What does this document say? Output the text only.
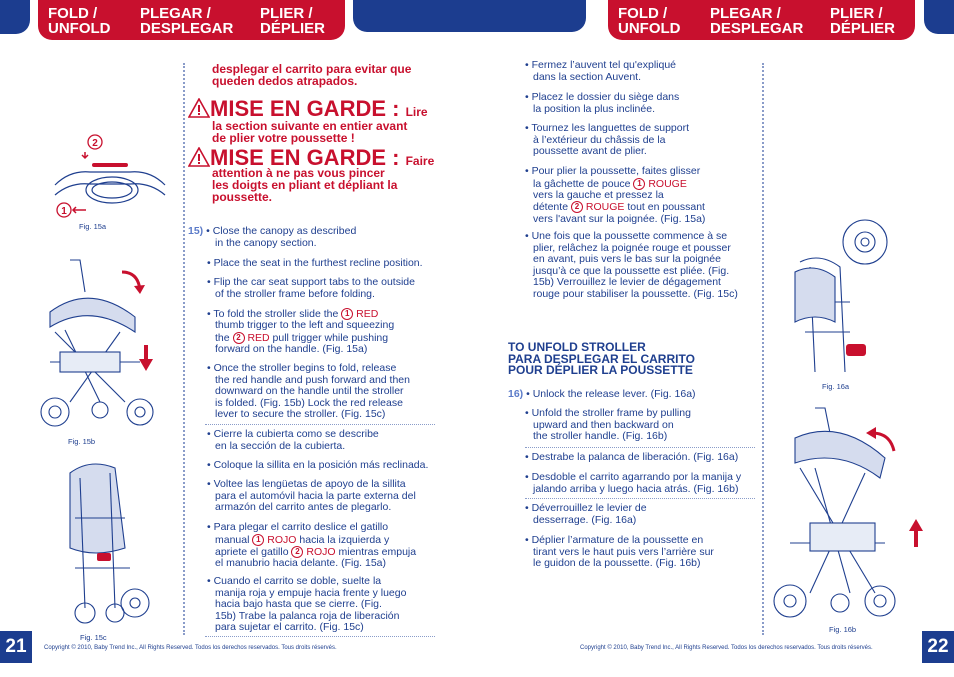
FOLD /
UNFOLD
PLEGAR /
DESPLEGAR
PLIER /
DÉPLIER
FOLD /
UNFOLD
PLEGAR /
DESPLEGAR
PLIER /
DÉPLIER
2
1
Fig. 15a
Fig. 15b
Fig. 15c
desplegar el carrito para evitar que
queden dedos atrapados.
MISE EN GARDE : Lire
la section suivante en entier avant
de plier votre poussette !
MISE EN GARDE : Faire
attention à ne pas vous pincer
les doigts en pliant et dépliant la
poussette.
15) • Close the canopy as described
in the canopy section.
• Place the seat in the furthest recline position.
• Flip the car seat support tabs to the outside
of the stroller frame before folding.
• To fold the stroller slide the 1 RED
thumb trigger to the left and squeezing
the 2 RED pull trigger while pushing
forward on the handle. (Fig. 15a)
• Once the stroller begins to fold, release
the red handle and push forward and then
downward on the handle until the stroller
is folded. (Fig. 15b) Lock the red release
lever to secure the stroller. (Fig. 15c)
• Cierre la cubierta como se describe
en la sección de la cubierta.
• Coloque la sillita en la posición más reclinada.
• Voltee las lengüetas de apoyo de la sillita
para el automóvil hacia la parte externa del
armazón del carrito antes de plegarlo.
• Para plegar el carrito deslice el gatillo
manual 1 ROJO hacia la izquierda y
apriete el gatillo 2 ROJO mientras empuja
el manubrio hacia delante. (Fig. 15a)
• Cuando el carrito se doble, suelte la
manija roja y empuje hacia frente y luego
hacia bajo hasta que se cierre. (Fig.
15b) Trabe la palanca roja de liberación
para sujetar el carrito. (Fig. 15c)
21	Copyright © 2010, Baby Trend Inc., All Rights Reserved. Todos los derechos reservados. Tous droits réservés.
• Fermez l’auvent tel qu'expliqué
dans la section Auvent.
• Placez le dossier du siège dans
la position la plus inclinée.
• Tournez les languettes de support
à l’extérieur du châssis de la
poussette avant de plier.
• Pour plier la poussette, faites glisser
la gâchette de pouce 1 ROUGE
vers la gauche et pressez la
détente 2 ROUGE tout en poussant
vers l'avant sur la poignée. (Fig. 15a)
• Une fois que la poussette commence à se
plier, relâchez la poignée rouge et pousser
en avant, puis vers le bas sur la poignée
jusqu’à ce que la poussette est pliée. (Fig.
15b) Verrouillez le levier de dégagement
rouge pour stabiliser la poussette. (Fig. 15c)
TO UNFOLD STROLLER
PARA DESPLEGAR EL CARRITO
POUR DÉPLIER LA POUSSETTE
16) • Unlock the release lever. (Fig. 16a)
• Unfold the stroller frame by pulling
upward and then backward on
the stroller handle. (Fig. 16b)
• Destrabe la palanca de liberación. (Fig. 16a)
• Desdoble el carrito agarrando por la manija y
jalando arriba y luego hacia atrás. (Fig. 16b)
• Déverrouillez le levier de
desserrage. (Fig. 16a)
• Déplier l’armature de la poussette en
tirant vers le haut puis vers l’arrière sur
le guidon de la poussette. (Fig. 16b)
Fig. 16a
Fig. 16b
22
Copyright © 2010, Baby Trend Inc., All Rights Reserved. Todos los derechos reservados. Tous droits réservés.
